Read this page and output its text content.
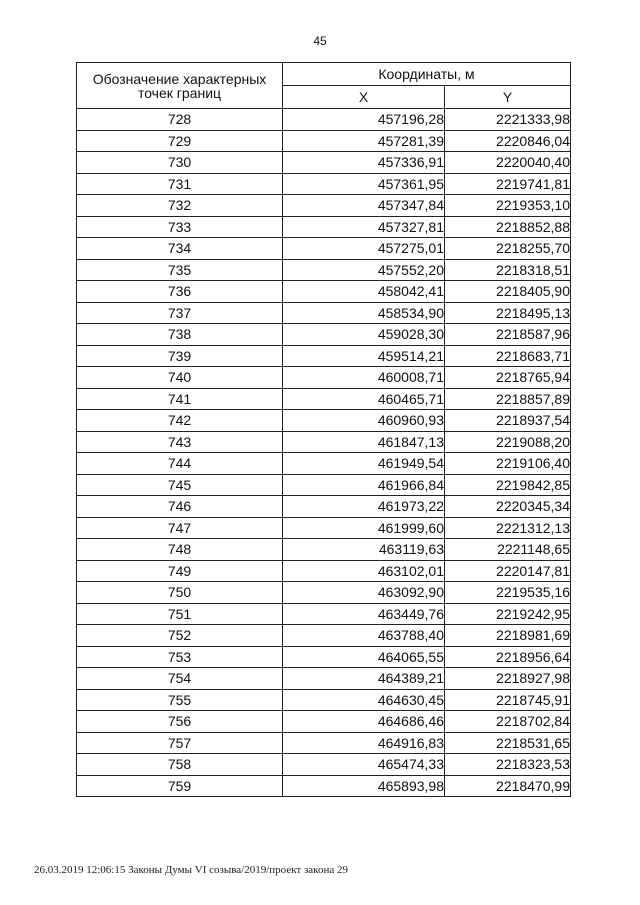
45
Обозначение характерных точек границ	Координаты, м	
	X	Y
728	457196,28	2221333,98
729	457281,39	2220846,04
730	457336,91	2220040,40
731	457361,95	2219741,81
732	457347,84	2219353,10
733	457327,81	2218852,88
734	457275,01	2218255,70
735	457552,20	2218318,51
736	458042,41	2218405,90
737	458534,90	2218495,13
738	459028,30	2218587,96
739	459514,21	2218683,71
740	460008,71	2218765,94
741	460465,71	2218857,89
742	460960,93	2218937,54
743	461847,13	2219088,20
744	461949,54	2219106,40
745	461966,84	2219842,85
746	461973,22	2220345,34
747	461999,60	2221312,13
748	463119,63	2221148,65
749	463102,01	2220147,81
750	463092,90	2219535,16
751	463449,76	2219242,95
752	463788,40	2218981,69
753	464065,55	2218956,64
754	464389,21	2218927,98
755	464630,45	2218745,91
756	464686,46	2218702,84
757	464916,83	2218531,65
758	465474,33	2218323,53
759	465893,98	2218470,99
26.03.2019 12:06:15 Законы Думы VI созыва/2019/проект закона 29
